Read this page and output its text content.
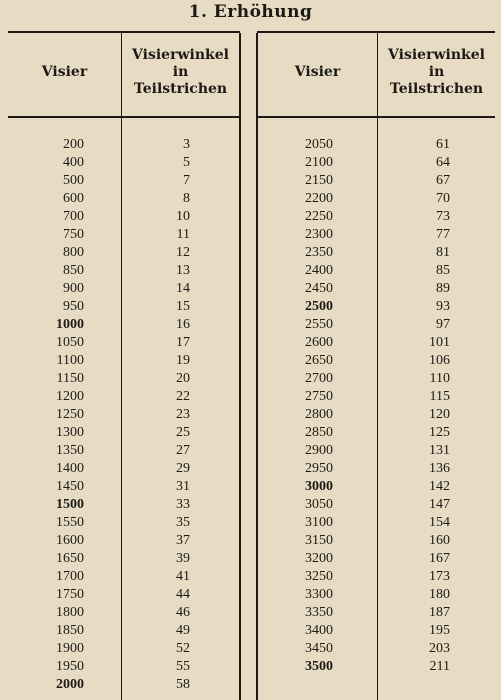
1. Erhöhung
Visier
Visierwinkel
in
Teilstrichen
Visier
Visierwinkel
in
Teilstrichen
200
400
500
600
700
750
800
850
900
950
1000
1050
1100
1150
1200
1250
1300
1350
1400
1450
1500
1550
1600
1650
1700
1750
1800
1850
1900
1950
2000
3
5
7
8
10
11
12
13
14
15
16
17
19
20
22
23
25
27
29
31
33
35
37
39
41
44
46
49
52
55
58
2050
2100
2150
2200
2250
2300
2350
2400
2450
2500
2550
2600
2650
2700
2750
2800
2850
2900
2950
3000
3050
3100
3150
3200
3250
3300
3350
3400
3450
3500
61
64
67
70
73
77
81
85
89
93
97
101
106
110
115
120
125
131
136
142
147
154
160
167
173
180
187
195
203
211
